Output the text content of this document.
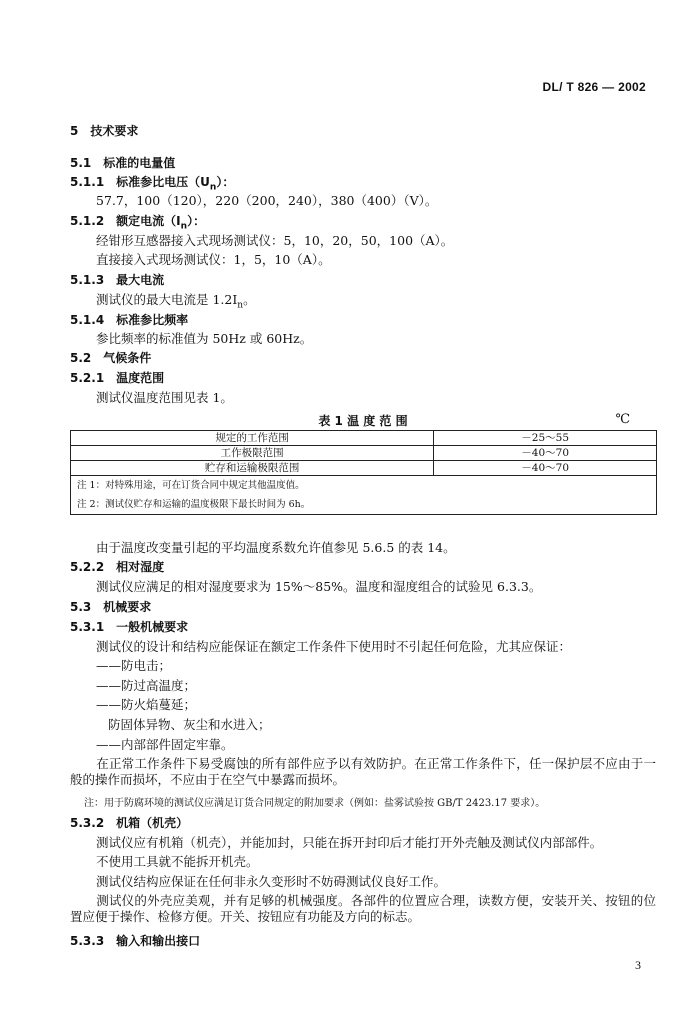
DL/ T 826 — 2002
5 技术要求
5.1 标准的电量值
5.1.1 标准参比电压$(U_n)$：
57.7，100（120），220（200，240），380（400）（V）。
5.1.2 额定电流$(I_n)$：
经钳形互感器接入式现场测试仪：5，10，20，50，100（A）。
直接接入式现场测试仪：1，5，10（A）。
5.1.3 最大电流
测试仪的最大电流是 $1.2I_n$。
5.1.4 标准参比频率
参比频率的标准值为 50Hz 或 60Hz。
5.2 气候条件
5.2.1 温度范围
测试仪温度范围见表 1。
表 1 温 度 范 围	℃
规定的工作范围	－25～55
工作极限范围	－40～70
贮存和运输极限范围	－40～70
注 1：对特殊用途，可在订货合同中规定其他温度值。	
注 2：测试仪贮存和运输的温度极限下最长时间为 6h。	
由于温度改变量引起的平均温度系数允许值参见 5.6.5 的表 14。
5.2.2 相对湿度
测试仪应满足的相对湿度要求为 15%～85%。温度和湿度组合的试验见 6.3.3。
5.3 机械要求
5.3.1 一般机械要求
测试仪的设计和结构应能保证在额定工作条件下使用时不引起任何危险，尤其应保证：
——防电击；
——防过高温度；
——防火焰蔓延；
防固体异物、灰尘和水进入；
——内部部件固定牢靠。
在正常工作条件下易受腐蚀的所有部件应予以有效防护。在正常工作条件下，任一保护层不应由于一般的操作而损坏，不应由于在空气中暴露而损坏。
注：用于防腐环境的测试仪应满足订货合同规定的附加要求（例如：盐雾试验按 GB/T 2423.17 要求）。
5.3.2 机箱（机壳）
测试仪应有机箱（机壳），并能加封，只能在拆开封印后才能打开外壳触及测试仪内部部件。
不使用工具就不能拆开机壳。
测试仪结构应保证在任何非永久变形时不妨碍测试仪良好工作。
测试仪的外壳应美观，并有足够的机械强度。各部件的位置应合理，读数方便，安装开关、按钮的位置应便于操作、检修方便。开关、按钮应有功能及方向的标志。
5.3.3 输入和输出接口
3
